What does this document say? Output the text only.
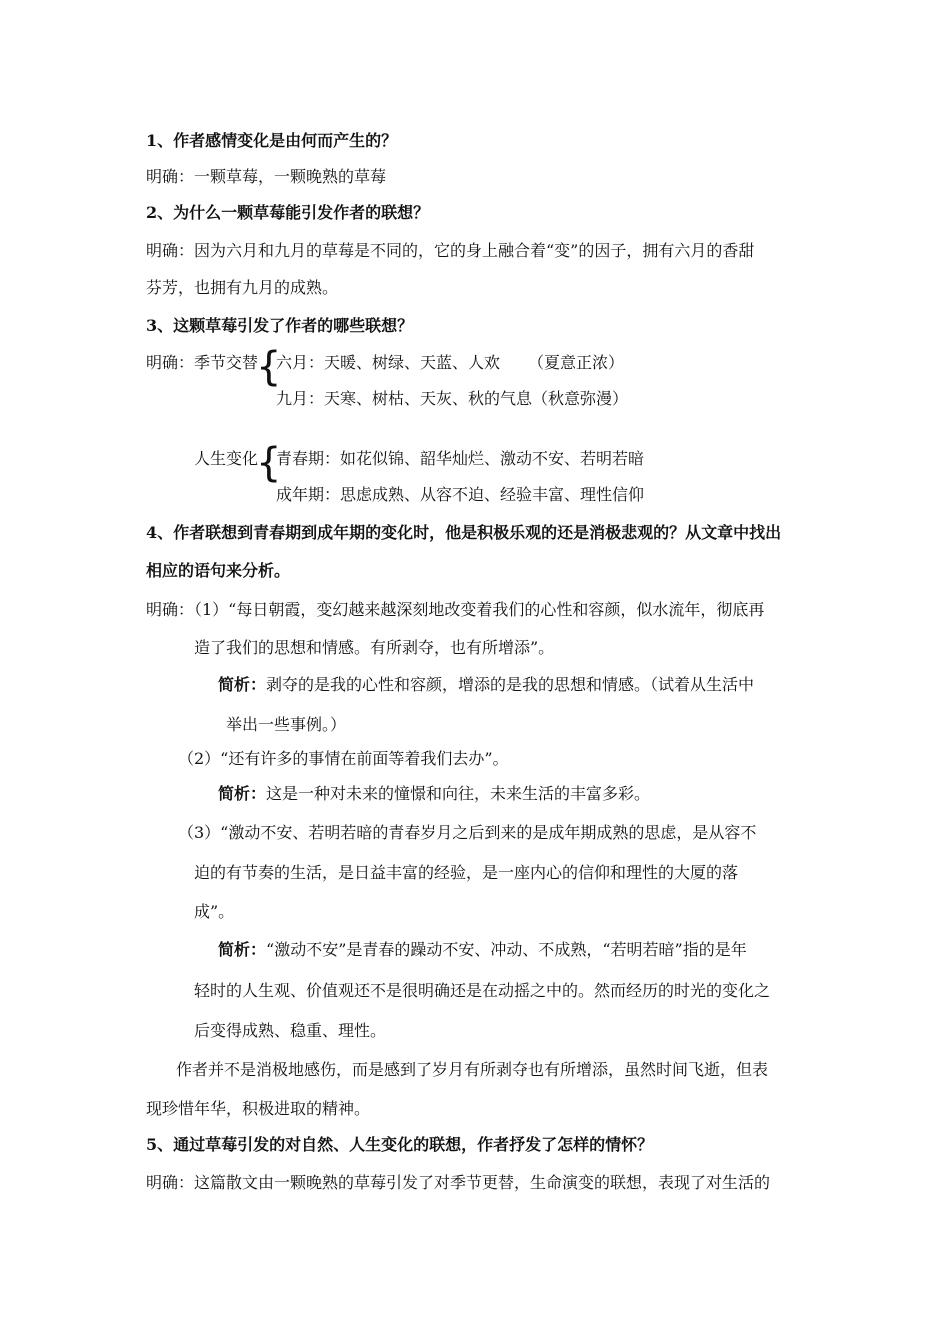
1、作者感情变化是由何而产生的？
明确：一颗草莓，一颗晚熟的草莓
2、为什么一颗草莓能引发作者的联想？
明确：因为六月和九月的草莓是不同的，它的身上融合着“变”的因子，拥有六月的香甜
芬芳，也拥有九月的成熟。
3、这颗草莓引发了作者的哪些联想？
明确： 季节交替
{
六月：天暖、树绿、天蓝、人欢 （夏意正浓）
九月：天寒、树枯、天灰、秋的气息（秋意弥漫）
人生变化
{
青春期：如花似锦、韶华灿烂、激动不安、若明若暗
成年期：思虑成熟、从容不迫、经验丰富、理性信仰
4、作者联想到青春期到成年期的变化时，他是积极乐观的还是消极悲观的？从文章中找出
相应的语句来分析。
明确：（1）“每日朝霞，变幻越来越深刻地改变着我们的心性和容颜，似水流年，彻底再
造了我们的思想和情感。有所剥夺，也有所增添”。
简析：剥夺的是我的心性和容颜，增添的是我的思想和情感。（试着从生活中
举出一些事例。）
（2）“还有许多的事情在前面等着我们去办”。
简析：这是一种对未来的憧憬和向往，未来生活的丰富多彩。
（3）“激动不安、若明若暗的青春岁月之后到来的是成年期成熟的思虑，是从容不
迫的有节奏的生活，是日益丰富的经验，是一座内心的信仰和理性的大厦的落
成”。
简析：“激动不安”是青春的躁动不安、冲动、不成熟，“若明若暗”指的是年
轻时的人生观、价值观还不是很明确还是在动摇之中的。然而经历的时光的变化之
后变得成熟、稳重、理性。
作者并不是消极地感伤，而是感到了岁月有所剥夺也有所增添，虽然时间飞逝，但表
现珍惜年华，积极进取的精神。
5、通过草莓引发的对自然、人生变化的联想，作者抒发了怎样的情怀？
明确：这篇散文由一颗晚熟的草莓引发了对季节更替，生命演变的联想，表现了对生活的
